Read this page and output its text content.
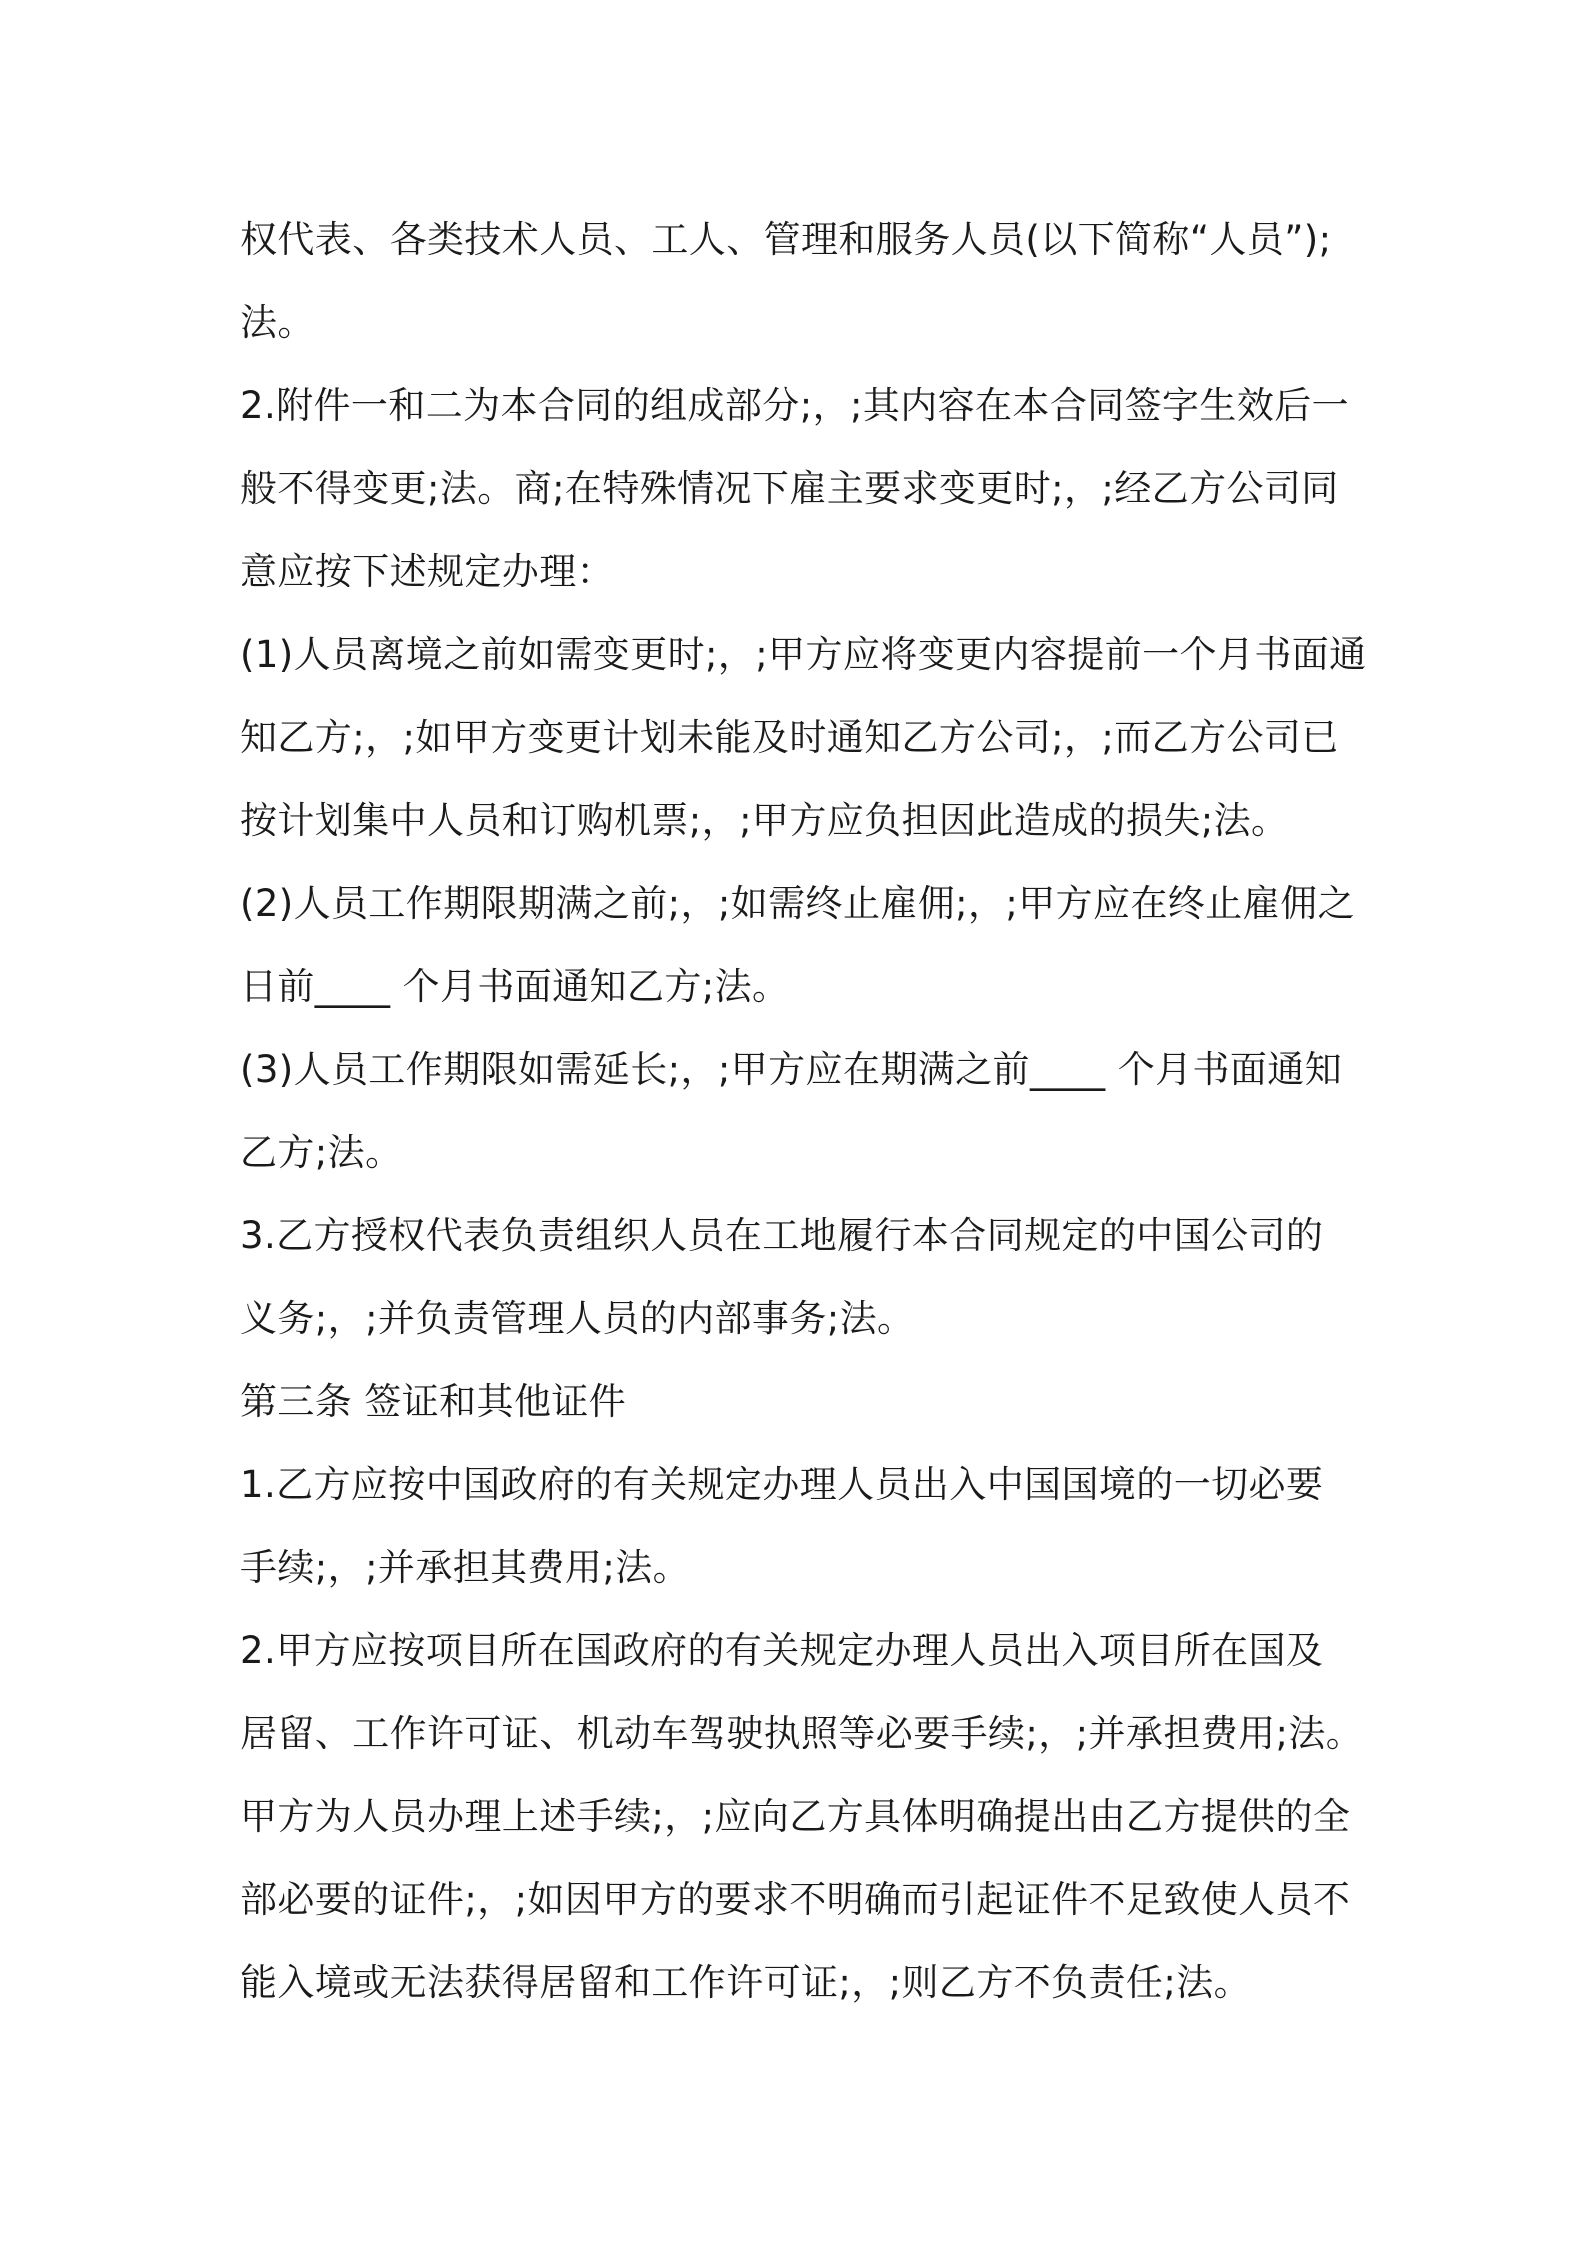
权代表、各类技术人员、工人、管理和服务人员(以下简称“人员”);
法。
2.附件一和二为本合同的组成部分;，;其内容在本合同签字生效后一
般不得变更;法。商;在特殊情况下雇主要求变更时;，;经乙方公司同
意应按下述规定办理：
(1)人员离境之前如需变更时;，;甲方应将变更内容提前一个月书面通
知乙方;，;如甲方变更计划未能及时通知乙方公司;，;而乙方公司已
按计划集中人员和订购机票;，;甲方应负担因此造成的损失;法。
(2)人员工作期限期满之前;，;如需终止雇佣;，;甲方应在终止雇佣之
日前____ 个月书面通知乙方;法。
(3)人员工作期限如需延长;，;甲方应在期满之前____ 个月书面通知
乙方;法。
3.乙方授权代表负责组织人员在工地履行本合同规定的中国公司的
义务;，;并负责管理人员的内部事务;法。
第三条 签证和其他证件
1.乙方应按中国政府的有关规定办理人员出入中国国境的一切必要
手续;，;并承担其费用;法。
2.甲方应按项目所在国政府的有关规定办理人员出入项目所在国及
居留、工作许可证、机动车驾驶执照等必要手续;，;并承担费用;法。
甲方为人员办理上述手续;，;应向乙方具体明确提出由乙方提供的全
部必要的证件;，;如因甲方的要求不明确而引起证件不足致使人员不
能入境或无法获得居留和工作许可证;，;则乙方不负责任;法。
